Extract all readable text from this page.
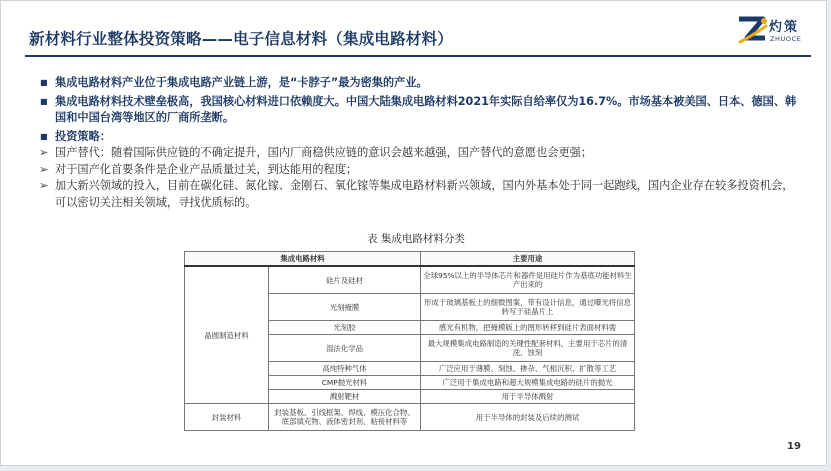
新材料行业整体投资策略——电子信息材料（集成电路材料）
灼策
ZHUOCE
■ 集成电路材料产业位于集成电路产业链上游，是“卡脖子”最为密集的产业。
■ 集成电路材料技术壁垒极高，我国核心材料进口依赖度大。中国大陆集成电路材料2021年实际自给率仅为16.7%。市场基本被美国、日本、德国、韩国和中国台湾等地区的厂商所垄断。
■ 投资策略：
➢ 国产替代：随着国际供应链的不确定提升，国内厂商稳供应链的意识会越来越强，国产替代的意愿也会更强；
➢ 对于国产化首要条件是企业产品质量过关，到达能用的程度；
➢ 加大新兴领域的投入，目前在碳化硅、氮化镓、金刚石、氧化镓等集成电路材料新兴领域，国内外基本处于同一起跑线，国内企业存在较多投资机会，可以密切关注相关领域，寻找优质标的。
表 集成电路材料分类
集成电路材料		主要用途
晶圆制造材料	硅片及硅材	全球95%以上的半导体芯片和器件是用硅片作为基底功能材料生产出来的
	光刻掩膜	形成于玻璃基板上的细微图案，带有设计信息，通过曝光将信息转写于硅晶片上
	光刻胶	感光有机物，把掩模版上的图形转移到硅片表面材料需
	湿法化学品	最大规模集成电路制造的关键性配套材料，主要用于芯片的清洗、蚀刻
	高纯特种气体	广泛应用于薄膜、刻蚀、掺杂、气相沉积、扩散等工艺
	CMP抛光材料	广泛用于集成电路和超大规模集成电路的硅片的抛光
	溅射靶材	用于半导体溅射
封装材料	封装基板、引线框架、焊线、模压化合物、底部填充物、液体密封剂、粘接材料等	用于半导体的封装及后续的测试
19
